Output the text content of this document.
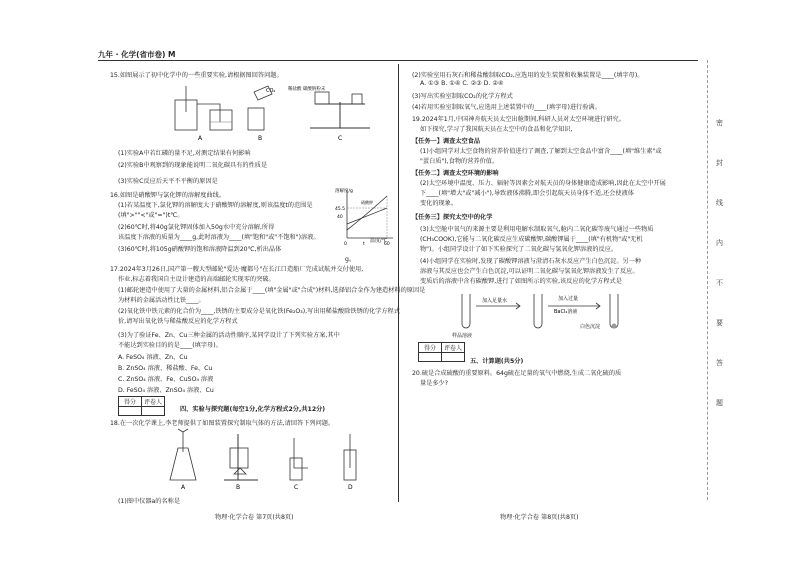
九年 · 化学(省市卷) M
15.如图展示了初中化学中的一些重要实验,请根据图回答问题。
A	B	C
CO₂	稀盐酸 碳酸钠粉末
(1)实验A中若红磷的量不足,对测定结果有何影响
(2)实验B中观察到的现象能说明二氧化碳具有的性质是
(3)实验C反应后天平不平衡的原因是
16.如图是硝酸钾与氯化钾的溶解度曲线。
(1)若某温度下,氯化钾的溶解度大于硝酸钾的溶解度,则该温度t的范围是
(填">""<"或"=")t℃。
(2)60℃时,将40g氯化钾固体加入50g水中充分溶解,所得
该温度下溶液的质量为____g,此时溶液为____(填"饱和"或"不饱和")溶液。
(3)60℃时,将105g硝酸钾的饱和溶液降温到20℃,析出晶体
g。
溶解度/g
45.5
40
0	t	60
硝酸钾
温度/℃
17.2024年3月26日,国产第一艘大型邮轮"爱达·魔都号"在长江口造船厂完成试航并交付使用,
作业,标志着我国自主设计建造的高端邮轮实现零的突破。
(1)邮轮建造中使用了大量的金属材料,铝合金属于____(填"金属"或"合成")材料,选择铝合金作为建造材料的原因是
为材料的金属活动性比铁____。
(2)氧化铁中铁元素的化合价为____,铁锈的主要成分是氧化铁(Fe₂O₃),写出用稀盐酸除铁锈的化学方程式
价,请写出氧化铁与稀盐酸反应的化学方程式
(3)为了验证Fe、Zn、Cu三种金属的活动性顺序,某同学设计了下列实验方案,其中
不能达到实验目的的是____(填字母)。
A. FeSO₄ 溶液、Zn、Cu
B. ZnSO₄ 溶液、稀盐酸、Fe、Cu
C. ZnSO₄ 溶液、Fe、CuSO₄ 溶液
D. FeSO₄ 溶液、ZnSO₄ 溶液、Cu
得分	评卷人

四、实验与探究题(每空1分,化学方程式2分,共12分)
18.在一次化学课上,李老师提供了如图装置探究制取气体的方法,请回答下列问题。
A	B	C	D
(1)图中仪器a的名称是
物理·化学合卷 第7页(共8页)
(2)实验室用石灰石和稀盐酸制取CO₂,应选用的发生装置和收集装置是____(填字母)。
A. ①③ B. ①④ C. ②③ D. ②④
(3)写出实验室制取CO₂的化学方程式
(4)若用实验室制取氧气,应选用上述装置中的____(填字母)进行验满。
19.2024年1月,中国神舟航天员太空出舱期间,科研人员对太空环境进行研究。
如下探究,学习了我国航天员在太空中的食品和化学知识,
【任务一】调查太空食品
(1)小组同学对太空食物的营养价值进行了调查,了解到太空食品中富含____(填"维生素"或
"蛋白质"),食物的营养价值。
【任务二】调查太空环境的影响
(2)太空环境中温度、压力、辐射等因素会对航天员的身体健康造成影响,因此在太空中开展
下____(填"增大"或"减小"),导致液体沸腾,即会引起航天员身体不适,还会使液体
变化的现象。
【任务三】探究太空中的化学
(3)太空舱中氧气的来源主要是利用电解水制取氧气,舱内二氧化碳等废气通过一些物质
(CH₃COOK),它能与二氧化碳反应生成碳酸钾,碳酸钾属于____(填"有机物"或"无机
物")。小组同学设计了如下实验探究了二氧化碳与氢氧化钾溶液的反应。
(4)小组同学在实验时,发现了碳酸钾溶液与澄清石灰水反应产生白色沉淀。另一种
溶液与其反应也会产生白色沉淀,可以证明二氧化碳与氢氧化钾溶液发生了反应。
变质后的溶液中含有碳酸钾,进行了如图所示的实验,该反应的化学方程式是
加入足量水	加入过量
BaCl₂溶液
样品溶液
白色沉淀
得分	评卷人

五、计算题(共5分)
20.硫是合成硫酸的重要原料。64g硫在足量的氧气中燃烧,生成二氧化硫的质
量是多少?
物理·化学合卷 第8页(共8页)
密
封
线
内
不
要
答
题
